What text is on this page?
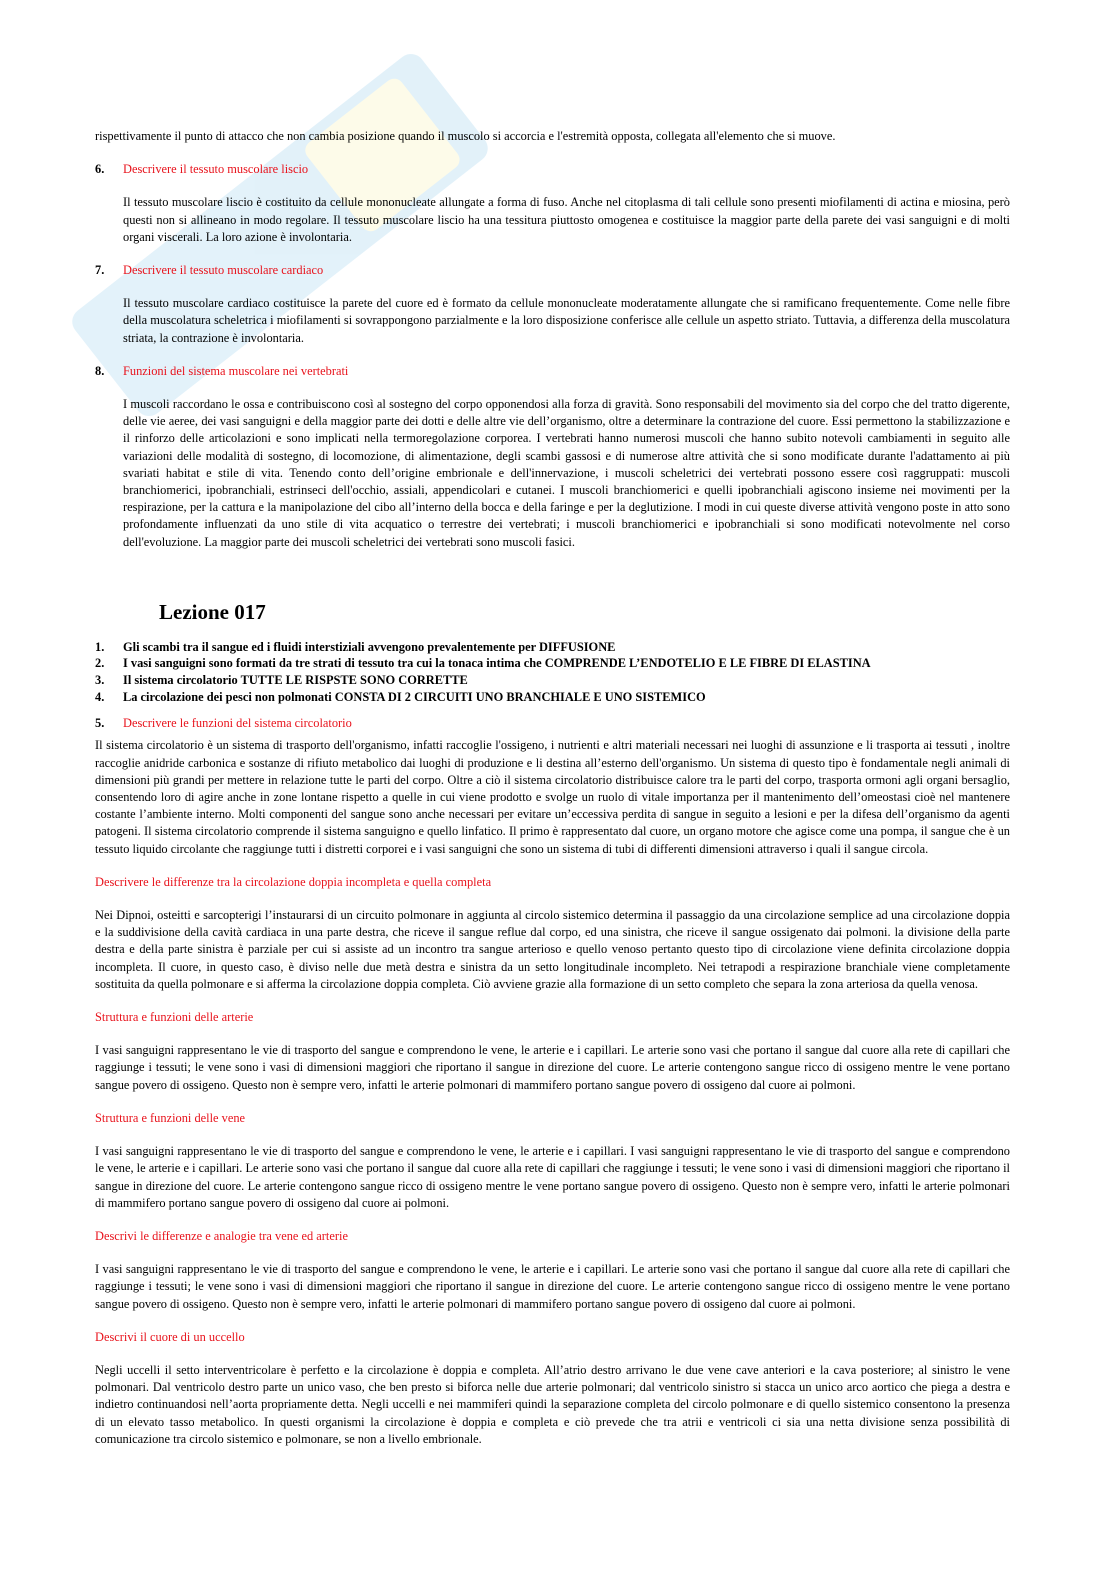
rispettivamente il punto di attacco che non cambia posizione quando il muscolo si accorcia e l'estremità opposta, collegata all'elemento che si muove.

6.	Descrivere il tessuto muscolare liscio

Il tessuto muscolare liscio è costituito da cellule mononucleate allungate a forma di fuso. Anche nel citoplasma di tali cellule sono presenti miofilamenti di actina e miosina, però questi non si allineano in modo regolare. Il tessuto muscolare liscio ha una tessitura piuttosto omogenea e costituisce la maggior parte della parete dei vasi sanguigni e di molti organi viscerali. La loro azione è involontaria.

7.	Descrivere il tessuto muscolare cardiaco

Il tessuto muscolare cardiaco costituisce la parete del cuore ed è formato da cellule mononucleate moderatamente allungate che si ramificano frequentemente. Come nelle fibre della muscolatura scheletrica i miofilamenti si sovrappongono parzialmente e la loro disposizione conferisce alle cellule un aspetto striato. Tuttavia, a differenza della muscolatura striata, la contrazione è involontaria.

8.	Funzioni del sistema muscolare nei vertebrati

I muscoli raccordano le ossa e contribuiscono così al sostegno del corpo opponendosi alla forza di gravità. Sono responsabili del movimento sia del corpo che del tratto digerente, delle vie aeree, dei vasi sanguigni e della maggior parte dei dotti e delle altre vie dell’organismo, oltre a determinare la contrazione del cuore. Essi permettono la stabilizzazione e il rinforzo delle articolazioni e sono implicati nella termoregolazione corporea. I vertebrati hanno numerosi muscoli che hanno subito notevoli cambiamenti in seguito alle variazioni delle modalità di sostegno, di locomozione, di alimentazione, degli scambi gassosi e di numerose altre attività che si sono modificate durante l'adattamento ai più svariati habitat e stile di vita. Tenendo conto dell’origine embrionale e dell'innervazione, i muscoli scheletrici dei vertebrati possono essere così raggruppati: muscoli branchiomerici, ipobranchiali, estrinseci dell'occhio, assiali, appendicolari e cutanei. I muscoli branchiomerici e quelli ipobranchiali agiscono insieme nei movimenti per la respirazione, per la cattura e la manipolazione del cibo all’interno della bocca e della faringe e per la deglutizione. I modi in cui queste diverse attività vengono poste in atto sono profondamente influenzati da uno stile di vita acquatico o terrestre dei vertebrati; i muscoli branchiomerici e ipobranchiali si sono modificati notevolmente nel corso dell'evoluzione. La maggior parte dei muscoli scheletrici dei vertebrati sono muscoli fasici.

Lezione 017
1.	Gli scambi tra il sangue ed i fluidi interstiziali avvengono prevalentemente per DIFFUSIONE
2.	I vasi sanguigni sono formati da tre strati di tessuto tra cui la tonaca intima che COMPRENDE L’ENDOTELIO E LE FIBRE DI ELASTINA
3.	Il sistema circolatorio TUTTE LE RISPSTE SONO CORRETTE
4.	La circolazione dei pesci non polmonati CONSTA DI 2 CIRCUITI UNO BRANCHIALE E UNO SISTEMICO
5.	Descrivere le funzioni del sistema circolatorio

Il sistema circolatorio è un sistema di trasporto dell'organismo, infatti raccoglie l'ossigeno, i nutrienti e altri materiali necessari nei luoghi di assunzione e li trasporta ai tessuti , inoltre raccoglie anidride carbonica e sostanze di rifiuto metabolico dai luoghi di produzione e li destina all’esterno dell'organismo. Un sistema di questo tipo è fondamentale negli animali di dimensioni più grandi per mettere in relazione tutte le parti del corpo. Oltre a ciò il sistema circolatorio distribuisce calore tra le parti del corpo, trasporta ormoni agli organi bersaglio, consentendo loro di agire anche in zone lontane rispetto a quelle in cui viene prodotto e svolge un ruolo di vitale importanza per il mantenimento dell’omeostasi cioè nel mantenere costante l’ambiente interno. Molti componenti del sangue sono anche necessari per evitare un’eccessiva perdita di sangue in seguito a lesioni e per la difesa dell’organismo da agenti patogeni. Il sistema circolatorio comprende il sistema sanguigno e quello linfatico. Il primo è rappresentato dal cuore, un organo motore che agisce come una pompa, il sangue che è un tessuto liquido circolante che raggiunge tutti i distretti corporei e i vasi sanguigni che sono un sistema di tubi di differenti dimensioni attraverso i quali il sangue circola.

Descrivere le differenze tra la circolazione doppia incompleta e quella completa

Nei Dipnoi, osteitti e sarcopterigi l’instaurarsi di un circuito polmonare in aggiunta al circolo sistemico determina il passaggio da una circolazione semplice ad una circolazione doppia e la suddivisione della cavità cardiaca in una parte destra, che riceve il sangue reflue dal corpo, ed una sinistra, che riceve il sangue ossigenato dai polmoni. la divisione della parte destra e della parte sinistra è parziale per cui si assiste ad un incontro tra sangue arterioso e quello venoso pertanto questo tipo di circolazione viene definita circolazione doppia incompleta. Il cuore, in questo caso, è diviso nelle due metà destra e sinistra da un setto longitudinale incompleto. Nei tetrapodi a respirazione branchiale viene completamente sostituita da quella polmonare e si afferma la circolazione doppia completa. Ciò avviene grazie alla formazione di un setto completo che separa la zona arteriosa da quella venosa.

Struttura e funzioni delle arterie

I vasi sanguigni rappresentano le vie di trasporto del sangue e comprendono le vene, le arterie e i capillari. Le arterie sono vasi che portano il sangue dal cuore alla rete di capillari che raggiunge i tessuti; le vene sono i vasi di dimensioni maggiori che riportano il sangue in direzione del cuore. Le arterie contengono sangue ricco di ossigeno mentre le vene portano sangue povero di ossigeno. Questo non è sempre vero, infatti le arterie polmonari di mammifero portano sangue povero di ossigeno dal cuore ai polmoni.

Struttura e funzioni delle vene

I vasi sanguigni rappresentano le vie di trasporto del sangue e comprendono le vene, le arterie e i capillari. I vasi sanguigni rappresentano le vie di trasporto del sangue e comprendono le vene, le arterie e i capillari. Le arterie sono vasi che portano il sangue dal cuore alla rete di capillari che raggiunge i tessuti; le vene sono i vasi di dimensioni maggiori che riportano il sangue in direzione del cuore. Le arterie contengono sangue ricco di ossigeno mentre le vene portano sangue povero di ossigeno. Questo non è sempre vero, infatti le arterie polmonari di mammifero portano sangue povero di ossigeno dal cuore ai polmoni.

Descrivi le differenze e analogie tra vene ed arterie

I vasi sanguigni rappresentano le vie di trasporto del sangue e comprendono le vene, le arterie e i capillari. Le arterie sono vasi che portano il sangue dal cuore alla rete di capillari che raggiunge i tessuti; le vene sono i vasi di dimensioni maggiori che riportano il sangue in direzione del cuore. Le arterie contengono sangue ricco di ossigeno mentre le vene portano sangue povero di ossigeno. Questo non è sempre vero, infatti le arterie polmonari di mammifero portano sangue povero di ossigeno dal cuore ai polmoni.

Descrivi il cuore di un uccello

Negli uccelli il setto interventricolare è perfetto e la circolazione è doppia e completa. All’atrio destro arrivano le due vene cave anteriori e la cava posteriore; al sinistro le vene polmonari. Dal ventricolo destro parte un unico vaso, che ben presto si biforca nelle due arterie polmonari; dal ventricolo sinistro si stacca un unico arco aortico che piega a destra e indietro continuandosi nell’aorta propriamente detta. Negli uccelli e nei mammiferi quindi la separazione completa del circolo polmonare e di quello sistemico consentono la presenza di un elevato tasso metabolico. In questi organismi la circolazione è doppia e completa e ciò prevede che tra atrii e ventricoli ci sia una netta divisione senza possibilità di comunicazione tra circolo sistemico e polmonare, se non a livello embrionale.
